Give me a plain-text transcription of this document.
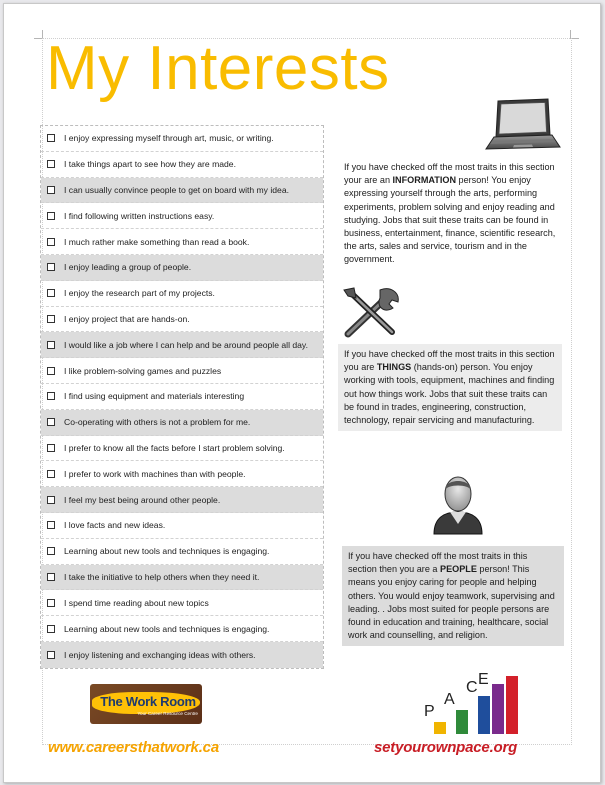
My Interests
I enjoy expressing myself through art, music, or writing.
I take things apart to see how they are made.
I can usually convince people to get on board with my idea.
I find following written instructions easy.
I much rather make something than read a book.
I enjoy leading a group of people.
I enjoy the research part of my projects.
I enjoy project that are hands-on.
I would like a job where I can help and be around people all day.
I like problem-solving games and puzzles
I find using equipment and materials interesting
Co-operating with others is not a problem for me.
I prefer to know all the facts before I start problem solving.
I prefer to work with machines than with people.
I feel my best being around other people.
I love facts and new ideas.
Learning about new tools and techniques is engaging.
I take the initiative to help others when they need it.
I spend time reading about new topics
Learning about new tools and techniques is engaging.
I enjoy listening and exchanging ideas with others.

If you have checked off the most traits in this section your are an INFORMATION person! You enjoy expressing yourself through the arts, performing experiments, problem solving and enjoy reading and studying. Jobs that suit these traits can be found in business, entertainment, finance, scientific research, the arts, sales and service, tourism and in the government.

If you have checked off the most traits in this section you are THINGS (hands-on) person. You enjoy working with tools, equipment, machines and finding out how things work. Jobs that suit these traits can be found in trades, engineering, construction, technology, repair servicing and manufacturing.

If you have checked off the most traits in this section then you are a PEOPLE person! This means you enjoy caring for people and helping others. You would enjoy teamwork, supervising and leading. . Jobs most suited for people persons are found in education and training, healthcare, social work and counselling, and religion.

The Work Room
Your Career Resource Centre
www.careersthatwork.ca
P
A
C E
setyourownpace.org
